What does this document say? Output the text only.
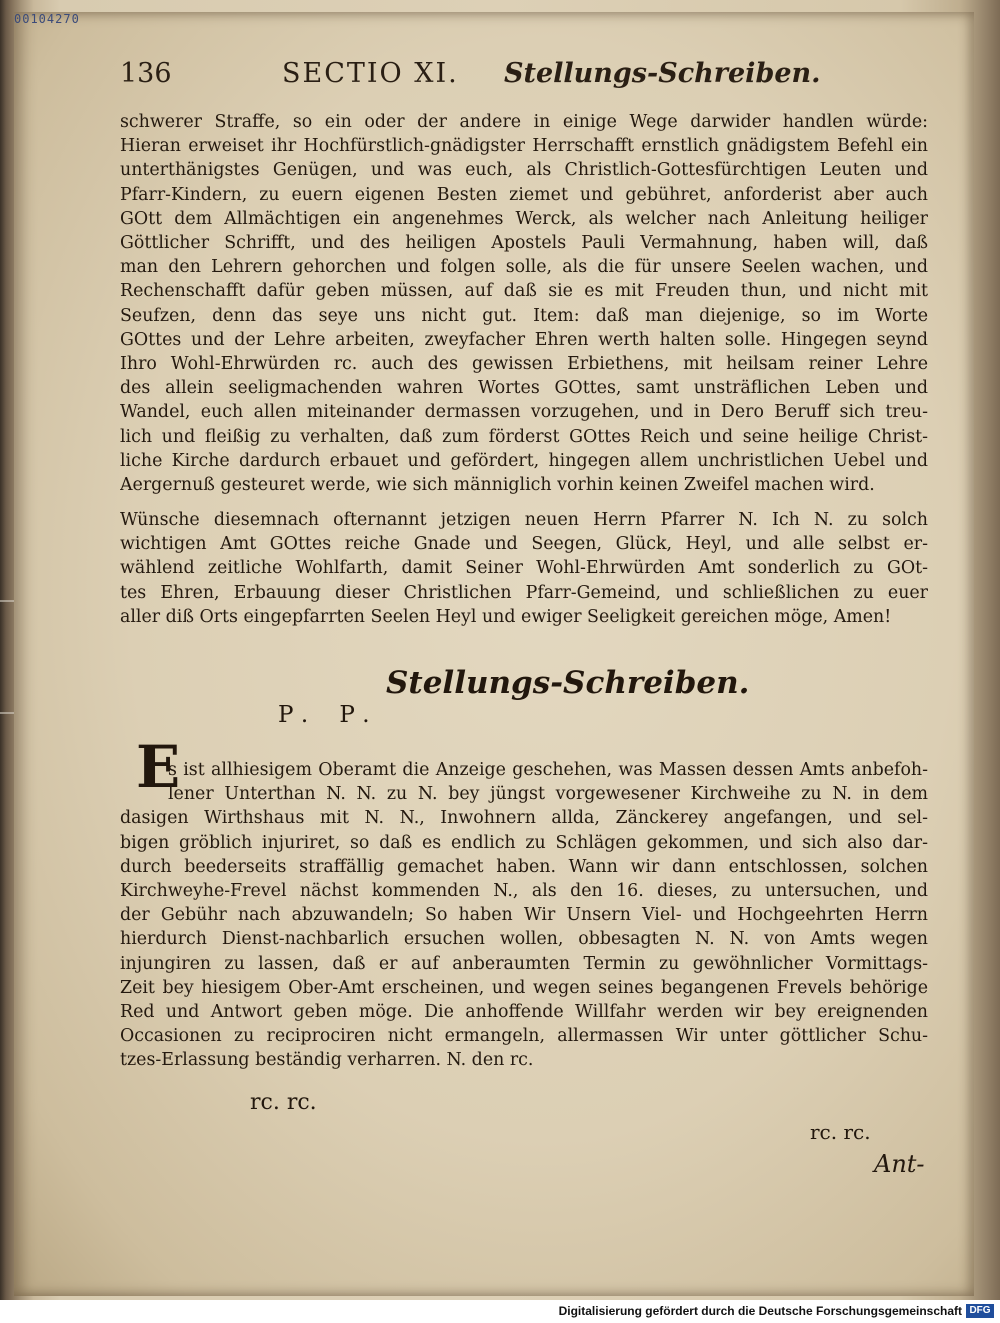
00104270
136	SECTIO XI. Stellungs-Schreiben.
schwerer Straffe, so ein oder der andere in einige Wege darwider handlen würde:
Hieran erweiset ihr Hochfürstlich-gnädigster Herrschafft ernstlich gnädigstem Befehl ein
unterthänigstes Genügen, und was euch, als Christlich-Gottesfürchtigen Leuten und
Pfarr-Kindern, zu euern eigenen Besten ziemet und gebühret, anforderist aber auch
GOtt dem Allmächtigen ein angenehmes Werck, als welcher nach Anleitung heiliger
Göttlicher Schrifft, und des heiligen Apostels Pauli Vermahnung, haben will, daß
man den Lehrern gehorchen und folgen solle, als die für unsere Seelen wachen, und
Rechenschafft dafür geben müssen, auf daß sie es mit Freuden thun, und nicht mit
Seufzen, denn das seye uns nicht gut. Item: daß man diejenige, so im Worte
GOttes und der Lehre arbeiten, zweyfacher Ehren werth halten solle. Hingegen seynd
Ihro Wohl-Ehrwürden rc. auch des gewissen Erbiethens, mit heilsam reiner Lehre
des allein seeligmachenden wahren Wortes GOttes, samt unsträflichen Leben und
Wandel, euch allen miteinander dermassen vorzugehen, und in Dero Beruff sich treu-
lich und fleißig zu verhalten, daß zum förderst GOttes Reich und seine heilige Christ-
liche Kirche dardurch erbauet und gefördert, hingegen allem unchristlichen Uebel und
Aergernuß gesteuret werde, wie sich männiglich vorhin keinen Zweifel machen wird.
Wünsche diesemnach ofternannt jetzigen neuen Herrn Pfarrer N. Ich N. zu solch
wichtigen Amt GOttes reiche Gnade und Seegen, Glück, Heyl, und alle selbst er-
wählend zeitliche Wohlfarth, damit Seiner Wohl-Ehrwürden Amt sonderlich zu GOt-
tes Ehren, Erbauung dieser Christlichen Pfarr-Gemeind, und schließlichen zu euer
aller diß Orts eingepfarrten Seelen Heyl und ewiger Seeligkeit gereichen möge, Amen!
Stellungs-Schreiben.
P. P.
E
s ist allhiesigem Oberamt die Anzeige geschehen, was Massen dessen Amts anbefoh-
lener Unterthan N. N. zu N. bey jüngst vorgewesener Kirchweihe zu N. in dem
dasigen Wirthshaus mit N. N., Inwohnern allda, Zänckerey angefangen, und sel-
bigen gröblich injuriret, so daß es endlich zu Schlägen gekommen, und sich also dar-
durch beederseits straffällig gemachet haben. Wann wir dann entschlossen, solchen
Kirchweyhe-Frevel nächst kommenden N., als den 16. dieses, zu untersuchen, und
der Gebühr nach abzuwandeln; So haben Wir Unsern Viel- und Hochgeehrten Herrn
hierdurch Dienst-nachbarlich ersuchen wollen, obbesagten N. N. von Amts wegen
injungiren zu lassen, daß er auf anberaumten Termin zu gewöhnlicher Vormittags-
Zeit bey hiesigem Ober-Amt erscheinen, und wegen seines begangenen Frevels behörige
Red und Antwort geben möge. Die anhoffende Willfahr werden wir bey ereignenden
Occasionen zu reciprociren nicht ermangeln, allermassen Wir unter göttlicher Schu-
tzes-Erlassung beständig verharren. N. den rc.
rc. rc.
rc. rc.
Ant-
Digitalisierung gefördert durch die Deutsche Forschungsgemeinschaft DFG
